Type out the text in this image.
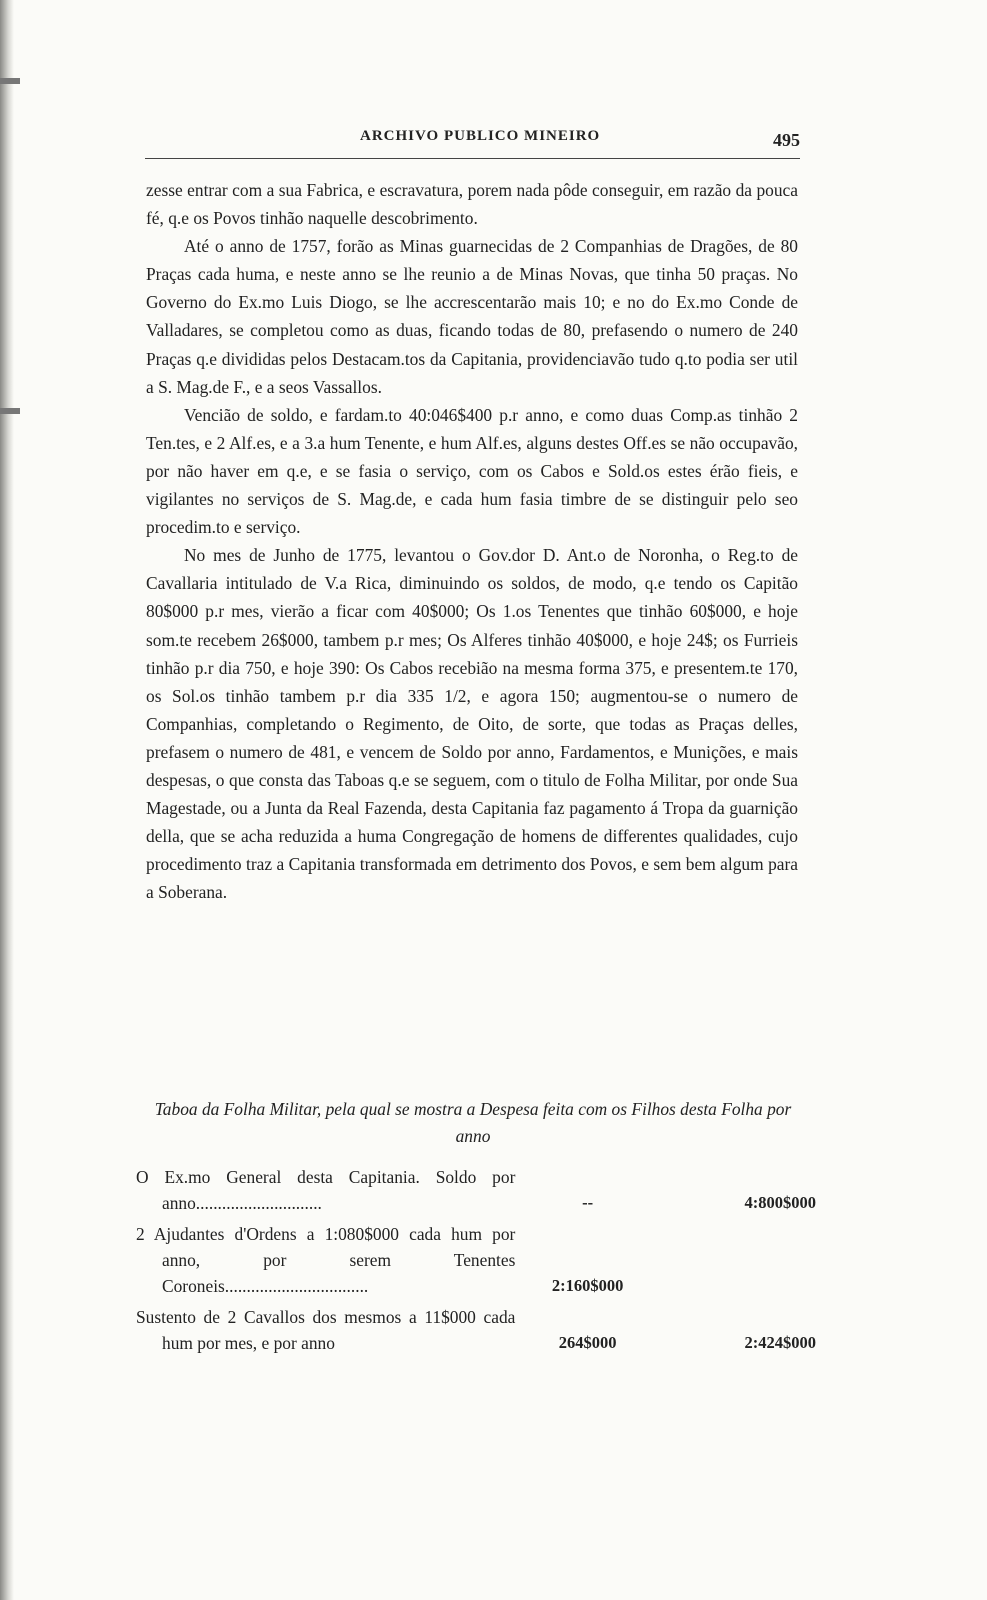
ARCHIVO PUBLICO MINEIRO	495

zesse entrar com a sua Fabrica, e escravatura, porem nada pôde conseguir, em razão da pouca fé, q.e os Povos tinhão naquelle descobrimento.

Até o anno de 1757, forão as Minas guarnecidas de 2 Companhias de Dragões, de 80 Praças cada huma, e neste anno se lhe reunio a de Minas Novas, que tinha 50 praças. No Governo do Ex.mo Luis Diogo, se lhe accrescentarão mais 10; e no do Ex.mo Conde de Valladares, se completou como as duas, ficando todas de 80, prefasendo o numero de 240 Praças q.e divididas pelos Destacam.tos da Capitania, providenciavão tudo q.to podia ser util a S. Mag.de F., e a seos Vassallos.

Vencião de soldo, e fardam.to 40:046$400 p.r anno, e como duas Comp.as tinhão 2 Ten.tes, e 2 Alf.es, e a 3.a hum Tenente, e hum Alf.es, alguns destes Off.es se não occupavão, por não haver em q.e, e se fasia o serviço, com os Cabos e Sold.os estes érão fieis, e vigilantes no serviços de S. Mag.de, e cada hum fasia timbre de se distinguir pelo seo procedim.to e serviço.

No mes de Junho de 1775, levantou o Gov.dor D. Ant.o de Noronha, o Reg.to de Cavallaria intitulado de V.a Rica, diminuindo os soldos, de modo, q.e tendo os Capitão 80$000 p.r mes, vierão a ficar com 40$000; Os 1.os Tenentes que tinhão 60$000, e hoje som.te recebem 26$000, tambem p.r mes; Os Alferes tinhão 40$000, e hoje 24$; os Furrieis tinhão p.r dia 750, e hoje 390: Os Cabos recebião na mesma forma 375, e presentem.te 170, os Sol.os tinhão tambem p.r dia 335 1/2, e agora 150; augmentou-se o numero de Companhias, completando o Regimento, de Oito, de sorte, que todas as Praças delles, prefasem o numero de 481, e vencem de Soldo por anno, Fardamentos, e Munições, e mais despesas, o que consta das Taboas q.e se seguem, com o titulo de Folha Militar, por onde Sua Magestade, ou a Junta da Real Fazenda, desta Capitania faz pagamento á Tropa da guarnição della, que se acha reduzida a huma Congregação de homens de differentes qualidades, cujo procedimento traz a Capitania transformada em detrimento dos Povos, e sem bem algum para a Soberana.

Taboa da Folha Militar, pela qual se mostra a Despesa feita com os Filhos desta Folha por anno
O Ex.mo General desta Capitania. Soldo por anno.............................	--	4:800$000
2 Ajudantes d'Ordens a 1:080$000 cada hum por anno, por serem Tenentes Coroneis.................................	2:160$000
Sustento de 2 Cavallos dos mesmos a 11$000 cada hum por mes, e por anno	264$000	2:424$000
